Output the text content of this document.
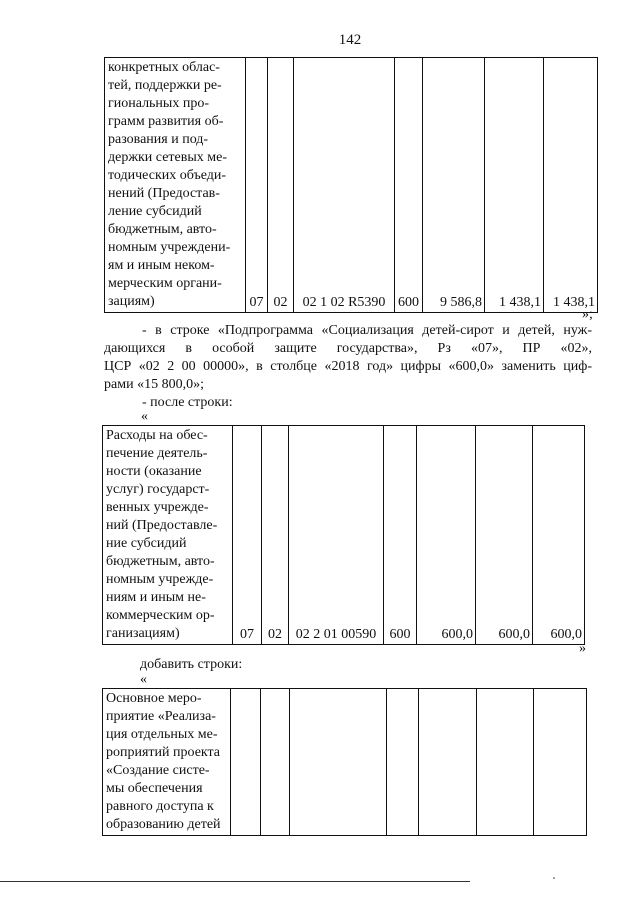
142
конкретных облас-
тей, поддержки ре-
гиональных про-
грамм развития об-
разования и под-
держки сетевых ме-
тодических объеди-
нений (Предостав-
ление субсидий
бюджетным, авто-
номным учреждени-
ям и иным неком-
мерческим органи-
зациям)	07	02	02 1 02 R5390	600	9 586,8	1 438,1	1 438,1
»;
- в строке «Подпрограмма «Социализация детей-сирот и детей, нуж-
дающихся в особой защите государства», Рз «07», ПР «02»,
ЦСР «02 2 00 00000», в столбце «2018 год» цифры «600,0» заменить циф-
рами «15 800,0»;
- после строки:
«
Расходы на обес-
печение деятель-
ности (оказание
услуг) государст-
венных учрежде-
ний (Предоставле-
ние субсидий
бюджетным, авто-
номным учрежде-
ниям и иным не-
коммерческим ор-
ганизациям)	07	02	02 2 01 00590	600	600,0	600,0	600,0
»
добавить строки:
«
Основное меро-
приятие «Реализа-
ция отдельных ме-
роприятий проекта
«Создание систе-
мы обеспечения
равного доступа к
образованию детей
